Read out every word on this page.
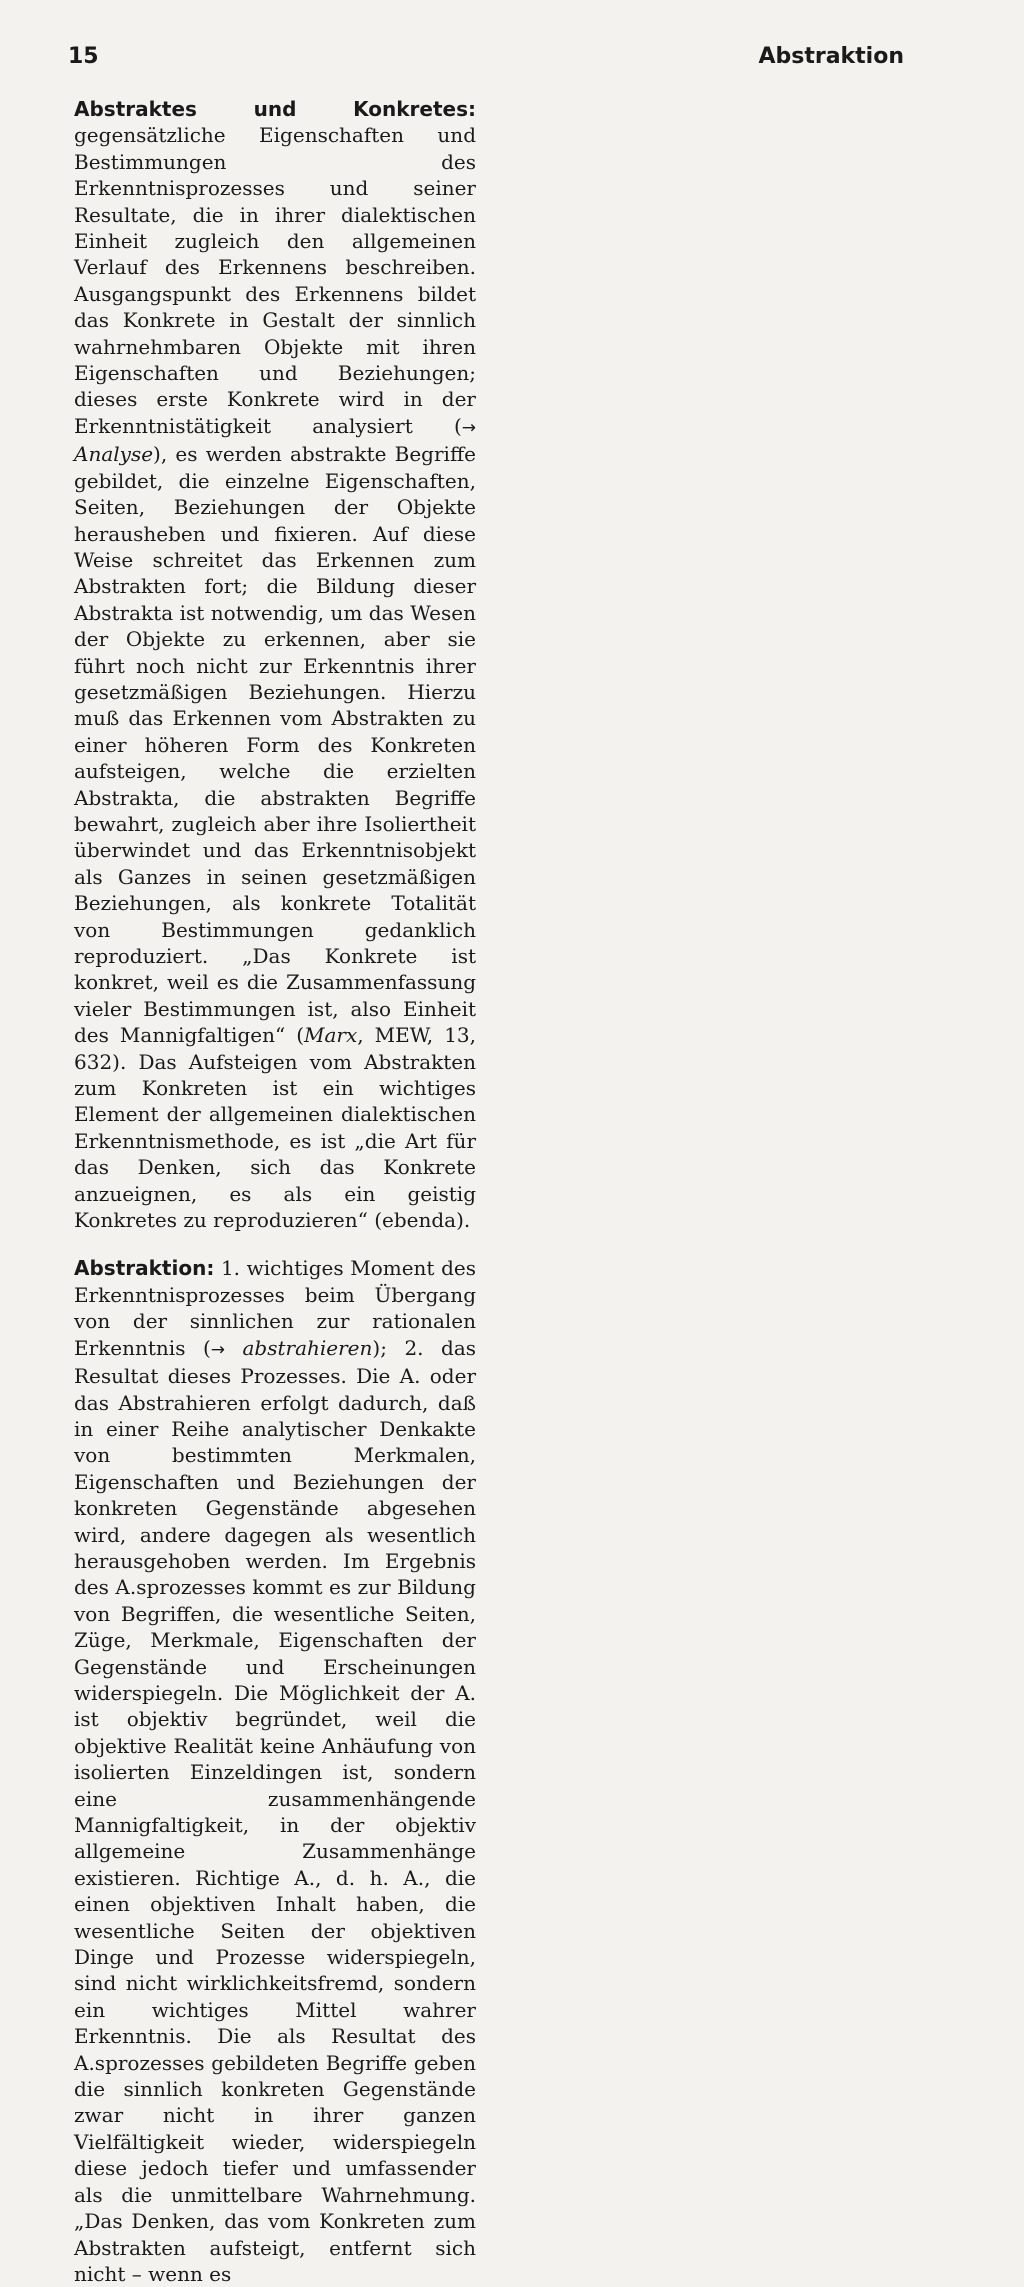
15	Abstraktion

Abstraktes und Konkretes: gegensätzliche Eigenschaften und Bestimmungen des Erkenntnisprozesses und seiner Resultate, die in ihrer dialektischen Einheit zugleich den allgemeinen Verlauf des Erkennens beschreiben. Ausgangspunkt des Erkennens bildet das Konkrete in Gestalt der sinnlich wahrnehmbaren Objekte mit ihren Eigenschaften und Beziehungen; dieses erste Konkrete wird in der Erkenntnistätigkeit analysiert (→ Analyse), es werden abstrakte Begriffe gebildet, die einzelne Eigenschaften, Seiten, Beziehungen der Objekte herausheben und fixieren. Auf diese Weise schreitet das Erkennen zum Abstrakten fort; die Bildung dieser Abstrakta ist notwendig, um das Wesen der Objekte zu erkennen, aber sie führt noch nicht zur Erkenntnis ihrer gesetzmäßigen Beziehungen. Hierzu muß das Erkennen vom Abstrakten zu einer höheren Form des Konkreten aufsteigen, welche die erzielten Abstrakta, die abstrakten Begriffe bewahrt, zugleich aber ihre Isoliertheit überwindet und das Erkenntnisobjekt als Ganzes in seinen gesetzmäßigen Beziehungen, als konkrete Totalität von Bestimmungen gedanklich reproduziert. „Das Konkrete ist konkret, weil es die Zusammenfassung vieler Bestimmungen ist, also Einheit des Mannigfaltigen“ (Marx, MEW, 13, 632). Das Aufsteigen vom Abstrakten zum Konkreten ist ein wichtiges Element der allgemeinen dialektischen Erkenntnismethode, es ist „die Art für das Denken, sich das Konkrete anzueignen, es als ein geistig Konkretes zu reproduzieren“ (ebenda).

Abstraktion: 1. wichtiges Moment des Erkenntnisprozesses beim Übergang von der sinnlichen zur rationalen Erkenntnis (→ abstrahieren); 2. das Resultat dieses Prozesses. Die A. oder das Abstrahieren erfolgt dadurch, daß in einer Reihe analytischer Denkakte von bestimmten Merkmalen, Eigenschaften und Beziehungen der konkreten Gegenstände abgesehen wird, andere dagegen als wesentlich herausgehoben werden. Im Ergebnis des A.sprozesses kommt es zur Bildung von Begriffen, die wesentliche Seiten, Züge, Merkmale, Eigenschaften der Gegenstände und Erscheinungen widerspiegeln. Die Möglichkeit der A. ist objektiv begründet, weil die objektive Realität keine Anhäufung von isolierten Einzeldingen ist, sondern eine zusammenhängende Mannigfaltigkeit, in der objektiv allgemeine Zusammenhänge existieren. Richtige A., d. h. A., die einen objektiven Inhalt haben, die wesentliche Seiten der objektiven Dinge und Prozesse widerspiegeln, sind nicht wirklichkeitsfremd, sondern ein wichtiges Mittel wahrer Erkenntnis. Die als Resultat des A.sprozesses gebildeten Begriffe geben die sinnlich konkreten Gegenstände zwar nicht in ihrer ganzen Vielfältigkeit wieder, widerspiegeln diese jedoch tiefer und umfassender als die unmittelbare Wahrnehmung. „Das Denken, das vom Konkreten zum Abstrakten aufsteigt, entfernt sich nicht – wenn es
